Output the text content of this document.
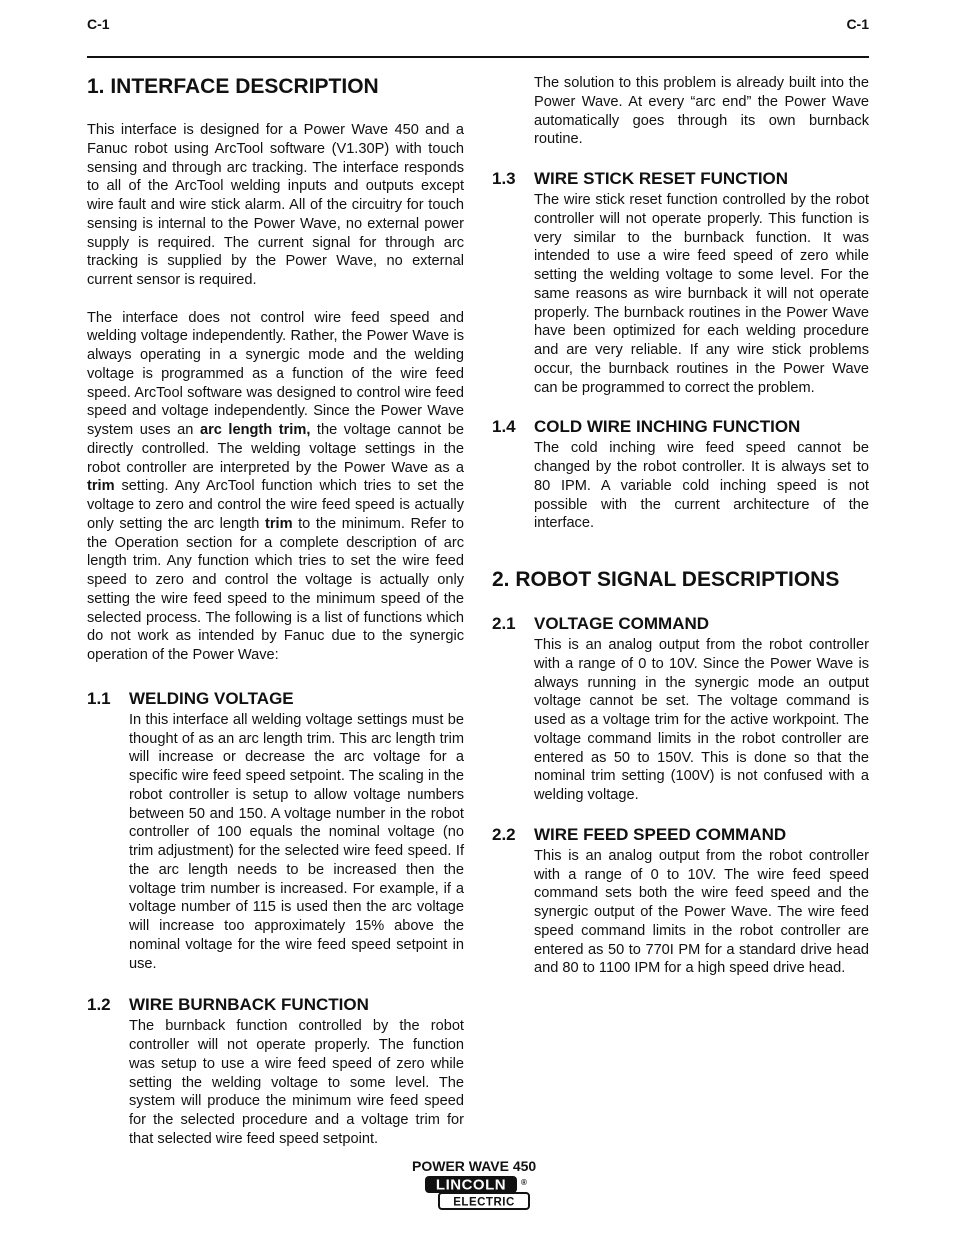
C-1	C-1
1. INTERFACE DESCRIPTION

This interface is designed for a Power Wave 450 and a Fanuc robot using ArcTool software (V1.30P) with touch sensing and through arc tracking. The interface responds to all of the ArcTool welding inputs and outputs except wire fault and wire stick alarm. All of the circuitry for touch sensing is internal to the Power Wave, no external power supply is required. The current signal for through arc tracking is supplied by the Power Wave, no external current sensor is required.

The interface does not control wire feed speed and welding voltage independently. Rather, the Power Wave is always operating in a synergic mode and the welding voltage is programmed as a function of the wire feed speed. ArcTool software was designed to control wire feed speed and voltage independently. Since the Power Wave system uses an arc length trim, the voltage cannot be directly controlled. The welding voltage settings in the robot controller are interpreted by the Power Wave as a trim setting. Any ArcTool function which tries to set the voltage to zero and control the wire feed speed is actually only setting the arc length trim to the minimum. Refer to the Operation section for a complete description of arc length trim. Any function which tries to set the wire feed speed to zero and control the voltage is actually only setting the wire feed speed to the minimum speed of the selected process. The following is a list of functions which do not work as intended by Fanuc due to the synergic operation of the Power Wave:

1.1	WELDING VOLTAGE

In this interface all welding voltage settings must be thought of as an arc length trim. This arc length trim will increase or decrease the arc voltage for a specific wire feed speed setpoint. The scaling in the robot controller is setup to allow voltage numbers between 50 and 150. A voltage number in the robot controller of 100 equals the nominal voltage (no trim adjustment) for the selected wire feed speed. If the arc length needs to be increased then the voltage trim number is increased. For example, if a voltage number of 115 is used then the arc voltage will increase too approximately 15% above the nominal voltage for the wire feed speed setpoint in use.

1.2	WIRE BURNBACK FUNCTION

The burnback function controlled by the robot controller will not operate properly. The function was setup to use a wire feed speed of zero while setting the welding voltage to some level. The system will produce the minimum wire feed speed for the selected procedure and a voltage trim for that selected wire feed speed setpoint.

The solution to this problem is already built into the Power Wave. At every “arc end” the Power Wave automatically goes through its own burnback routine.

1.3	WIRE STICK RESET FUNCTION

The wire stick reset function controlled by the robot controller will not operate properly. This function is very similar to the burnback function. It was intended to use a wire feed speed of zero while setting the welding voltage to some level. For the same reasons as wire burnback it will not operate properly. The burnback routines in the Power Wave have been optimized for each welding procedure and are very reliable. If any wire stick problems occur, the burnback routines in the Power Wave can be programmed to correct the problem.

1.4	COLD WIRE INCHING FUNCTION

The cold inching wire feed speed cannot be changed by the robot controller. It is always set to 80 IPM. A variable cold inching speed is not possible with the current architecture of the interface.

2. ROBOT SIGNAL DESCRIPTIONS
2.1	VOLTAGE COMMAND

This is an analog output from the robot controller with a range of 0 to 10V. Since the Power Wave is always running in the synergic mode an output voltage cannot be set. The voltage command is used as a voltage trim for the active workpoint. The voltage command limits in the robot controller are entered as 50 to 150V. This is done so that the nominal trim setting (100V) is not confused with a welding voltage.

2.2	WIRE FEED SPEED COMMAND

This is an analog output from the robot controller with a range of 0 to 10V. The wire feed speed command sets both the wire feed speed and the synergic output of the Power Wave. The wire feed speed command limits in the robot controller are entered as 50 to 770I PM for a standard drive head and 80 to 1100 IPM for a high speed drive head.

POWER WAVE 450
LINCOLN ®
ELECTRIC
